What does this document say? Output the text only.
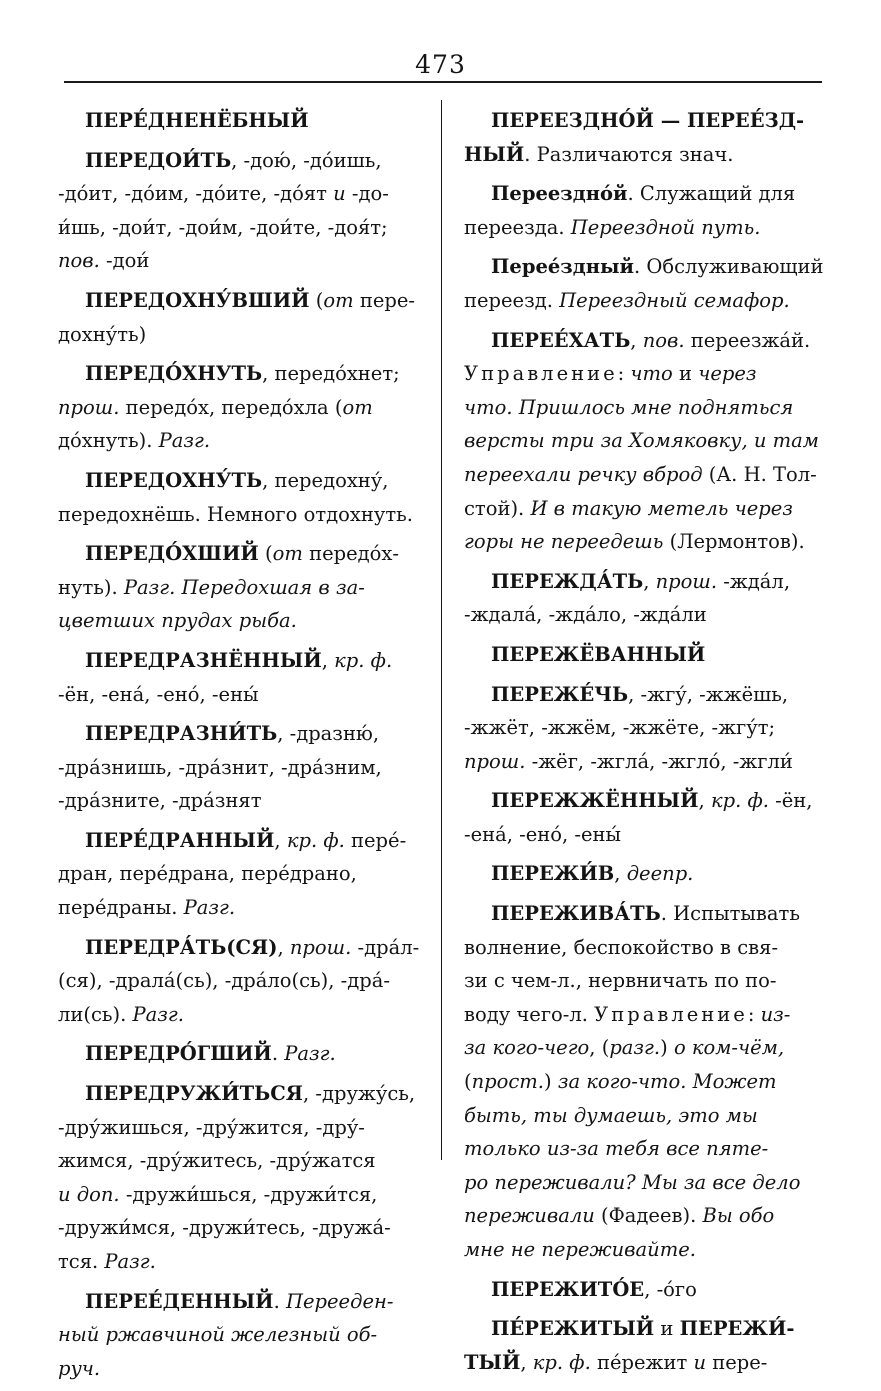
473
ПЕРЕ́ДНЕНЁБНЫЙ
ПЕРЕДОИ́ТЬ, -дою́, -до́ишь,
-до́ит, -до́им, -до́ите, -до́ят и -до-
и́шь, -дои́т, -дои́м, -дои́те, -доя́т;
пов. -дои́
ПЕРЕДОХНУ́ВШИЙ (от пере-
дохну́ть)
ПЕРЕДО́ХНУТЬ, передо́хнет;
прош. передо́х, передо́хла (от
до́хнуть). Разг.
ПЕРЕДОХНУ́ТЬ, передохну́,
передохнёшь. Немного отдохнуть.
ПЕРЕДО́ХШИЙ (от передо́х-
нуть). Разг. Передохшая в за-
цветших прудах рыба.
ПЕРЕДРАЗНЁННЫЙ, кр. ф.
-ён, -ена́, -ено́, -ены́
ПЕРЕДРАЗНИ́ТЬ, -дразню́,
-дра́знишь, -дра́знит, -дра́зним,
-дра́зните, -дра́знят
ПЕРЕ́ДРАННЫЙ, кр. ф. пере́-
дран, пере́драна, пере́драно,
пере́драны. Разг.
ПЕРЕДРА́ТЬ(СЯ), прош. -дра́л-
(ся), -драла́(сь), -дра́ло(сь), -дра́-
ли(сь). Разг.
ПЕРЕДРО́ГШИЙ. Разг.
ПЕРЕДРУЖИ́ТЬСЯ, -дружу́сь,
-дру́жишься, -дру́жится, -дру́-
жимся, -дру́житесь, -дру́жатся
и доп. -дружи́шься, -дружи́тся,
-дружи́мся, -дружи́тесь, -дружа́-
тся. Разг.
ПЕРЕЕ́ДЕННЫЙ. Перееден-
ный ржавчиной железный об-
руч.
ПЕРЕЕЗДНО́Й — ПЕРЕЕ́ЗД-
НЫЙ. Различаются знач.
Переездно́й. Служащий для
переезда. Переездной путь.
Перее́здный. Обслуживающий
переезд. Переездный семафор.
ПЕРЕЕ́ХАТЬ, пов. переезжа́й.
Управление: что и через
что. Пришлось мне подняться
версты три за Хомяковку, и там
переехали речку вброд (А. Н. Тол-
стой). И в такую метель через
горы не переедешь (Лермонтов).
ПЕРЕЖДА́ТЬ, прош. -жда́л,
-ждала́, -жда́ло, -жда́ли
ПЕРЕЖЁВАННЫЙ
ПЕРЕЖЕ́ЧЬ, -жгу́, -жжёшь,
-жжёт, -жжём, -жжёте, -жгу́т;
прош. -жёг, -жгла́, -жгло́, -жгли́
ПЕРЕЖЖЁННЫЙ, кр. ф. -ён,
-ена́, -ено́, -ены́
ПЕРЕЖИ́В, деепр.
ПЕРЕЖИВА́ТЬ. Испытывать
волнение, беспокойство в свя-
зи с чем-л., нервничать по по-
воду чего-л. Управление: из-
за кого-чего, (разг.) о ком-чём,
(прост.) за кого-что. Может
быть, ты думаешь, это мы
только из-за тебя все пяте-
ро переживали? Мы за все дело
переживали (Фадеев). Вы обо
мне не переживайте.
ПЕРЕЖИТО́Е, -о́го
ПЕ́РЕЖИТЫЙ и ПЕРЕЖИ́-
ТЫЙ, кр. ф. пе́режит и пере-
